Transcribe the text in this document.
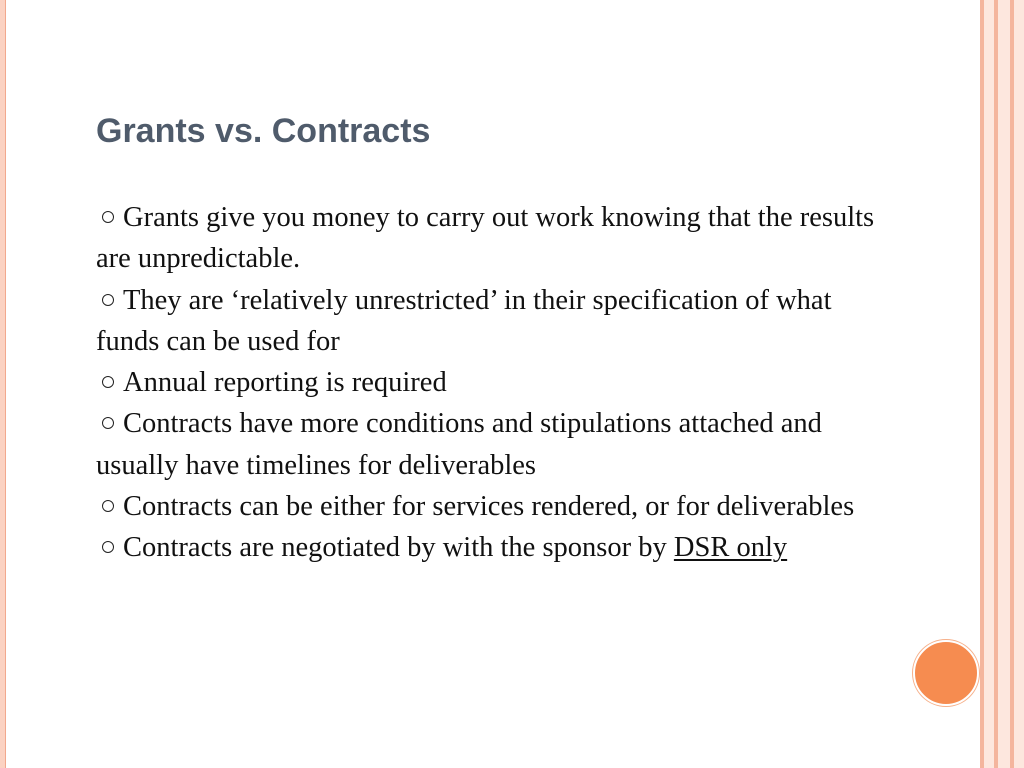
Grants vs. Contracts

Grants give you money to carry out work knowing that the results are unpredictable.

They are ‘relatively unrestricted’ in their specification of what funds can be used for

Annual reporting is required

Contracts have more conditions and stipulations attached and usually have timelines for deliverables

Contracts can be either for services rendered, or for deliverables

Contracts are negotiated by with the sponsor by DSR only
